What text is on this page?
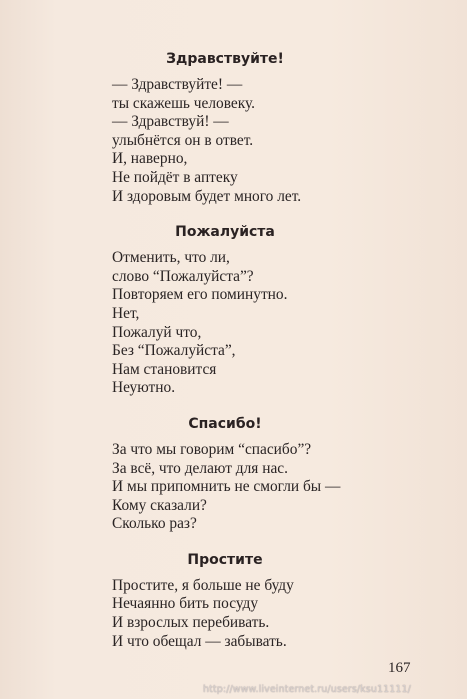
Здравствуйте!
— Здравствуйте! —
ты скажешь человеку.
— Здравствуй! —
улыбнётся он в ответ.
И, наверно,
Не пойдёт в аптеку
И здоровым будет много лет.
Пожалуйста
Отменить, что ли,
слово “Пожалуйста”?
Повторяем его поминутно.
Нет,
Пожалуй что,
Без “Пожалуйста”,
Нам становится
Неуютно.
Спасибо!
За что мы говорим “спасибо”?
За всё, что делают для нас.
И мы припомнить не смогли бы —
Кому сказали?
Сколько раз?
Простите
Простите, я больше не буду
Нечаянно бить посуду
И взрослых перебивать.
И что обещал — забывать.
167
http://www.liveinternet.ru/users/ksu11111/
